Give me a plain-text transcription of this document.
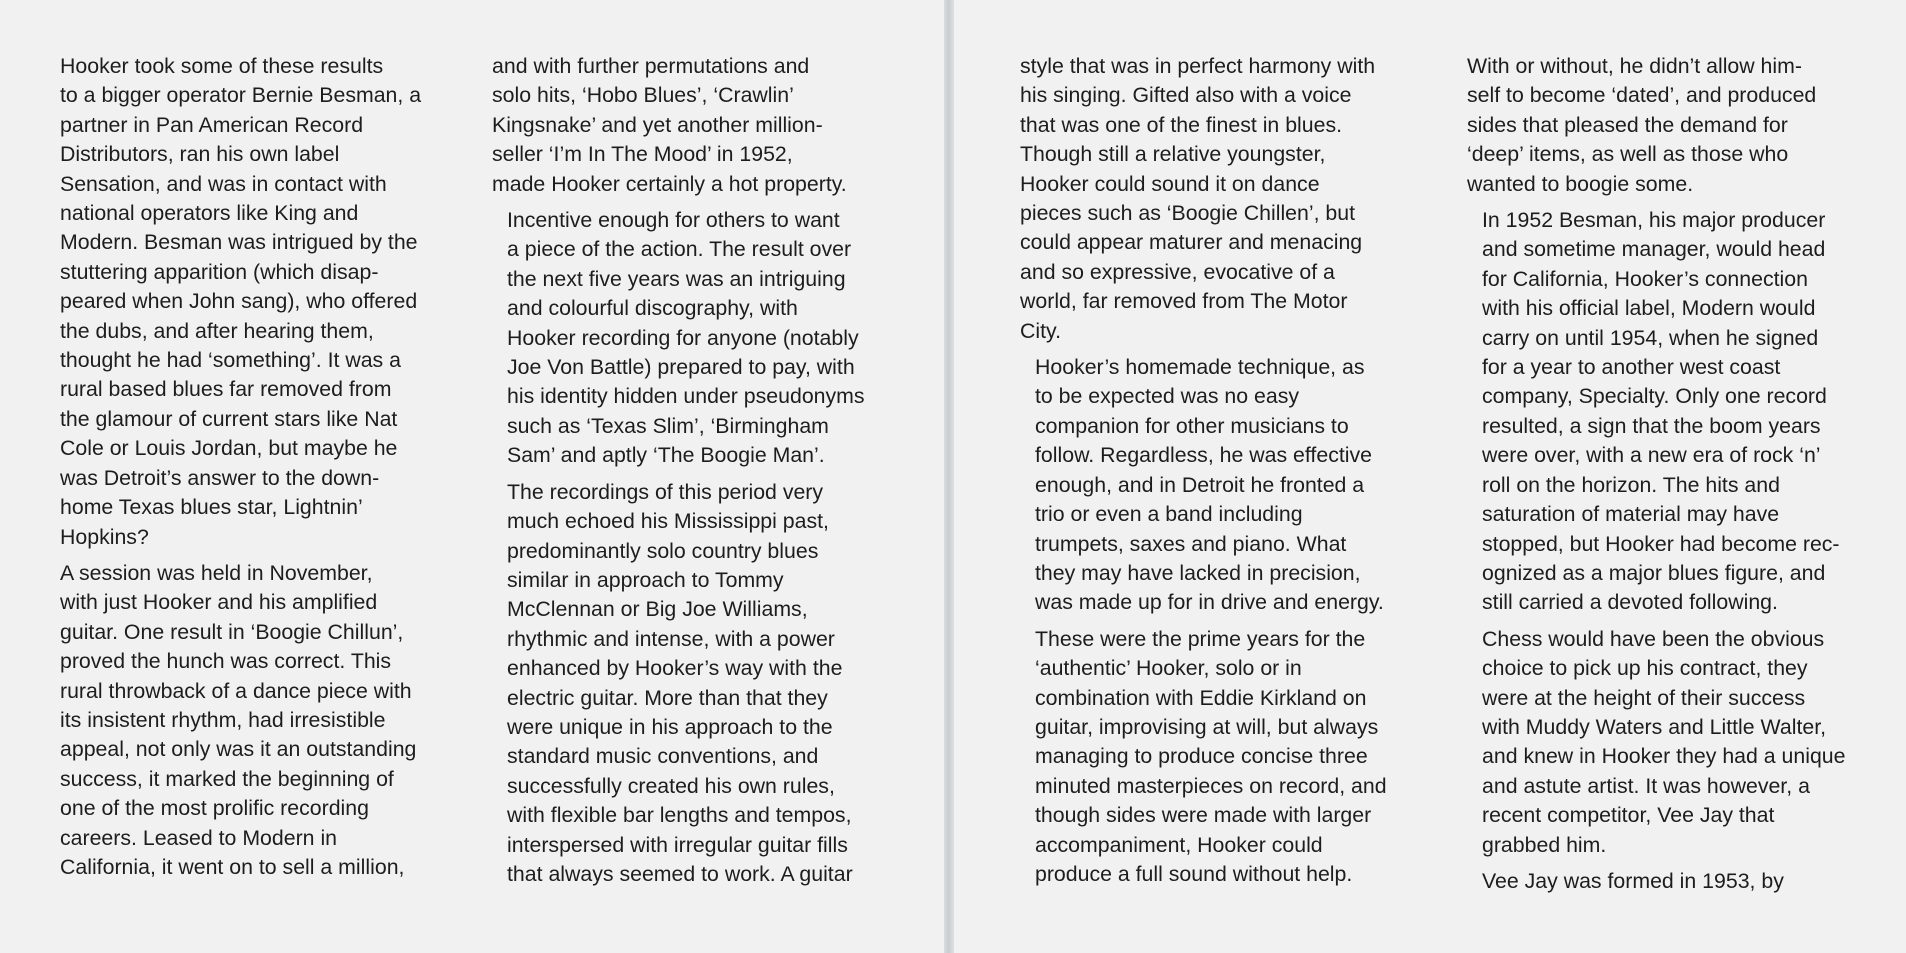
Hooker took some of these results
to a bigger operator Bernie Besman, a
partner in Pan American Record
Distributors, ran his own label
Sensation, and was in contact with
national operators like King and
Modern. Besman was intrigued by the
stuttering apparition (which disap-
peared when John sang), who offered
the dubs, and after hearing them,
thought he had ‘something’. It was a
rural based blues far removed from
the glamour of current stars like Nat
Cole or Louis Jordan, but maybe he
was Detroit’s answer to the down-
home Texas blues star, Lightnin’
Hopkins?

A session was held in November,
with just Hooker and his amplified
guitar. One result in ‘Boogie Chillun’,
proved the hunch was correct. This
rural throwback of a dance piece with
its insistent rhythm, had irresistible
appeal, not only was it an outstanding
success, it marked the beginning of
one of the most prolific recording
careers. Leased to Modern in
California, it went on to sell a million,

and with further permutations and
solo hits, ‘Hobo Blues’, ‘Crawlin’
Kingsnake’ and yet another million-
seller ‘I’m In The Mood’ in 1952,
made Hooker certainly a hot property.

Incentive enough for others to want
a piece of the action. The result over
the next five years was an intriguing
and colourful discography, with
Hooker recording for anyone (notably
Joe Von Battle) prepared to pay, with
his identity hidden under pseudonyms
such as ‘Texas Slim’, ‘Birmingham
Sam’ and aptly ‘The Boogie Man’.

The recordings of this period very
much echoed his Mississippi past,
predominantly solo country blues
similar in approach to Tommy
McClennan or Big Joe Williams,
rhythmic and intense, with a power
enhanced by Hooker’s way with the
electric guitar. More than that they
were unique in his approach to the
standard music conventions, and
successfully created his own rules,
with flexible bar lengths and tempos,
interspersed with irregular guitar fills
that always seemed to work. A guitar

style that was in perfect harmony with
his singing. Gifted also with a voice
that was one of the finest in blues.
Though still a relative youngster,
Hooker could sound it on dance
pieces such as ‘Boogie Chillen’, but
could appear maturer and menacing
and so expressive, evocative of a
world, far removed from The Motor
City.

Hooker’s homemade technique, as
to be expected was no easy
companion for other musicians to
follow. Regardless, he was effective
enough, and in Detroit he fronted a
trio or even a band including
trumpets, saxes and piano. What
they may have lacked in precision,
was made up for in drive and energy.

These were the prime years for the
‘authentic’ Hooker, solo or in
combination with Eddie Kirkland on
guitar, improvising at will, but always
managing to produce concise three
minuted masterpieces on record, and
though sides were made with larger
accompaniment, Hooker could
produce a full sound without help.

With or without, he didn’t allow him-
self to become ‘dated’, and produced
sides that pleased the demand for
‘deep’ items, as well as those who
wanted to boogie some.

In 1952 Besman, his major producer
and sometime manager, would head
for California, Hooker’s connection
with his official label, Modern would
carry on until 1954, when he signed
for a year to another west coast
company, Specialty. Only one record
resulted, a sign that the boom years
were over, with a new era of rock ‘n’
roll on the horizon. The hits and
saturation of material may have
stopped, but Hooker had become rec-
ognized as a major blues figure, and
still carried a devoted following.

Chess would have been the obvious
choice to pick up his contract, they
were at the height of their success
with Muddy Waters and Little Walter,
and knew in Hooker they had a unique
and astute artist. It was however, a
recent competitor, Vee Jay that
grabbed him.

Vee Jay was formed in 1953, by
